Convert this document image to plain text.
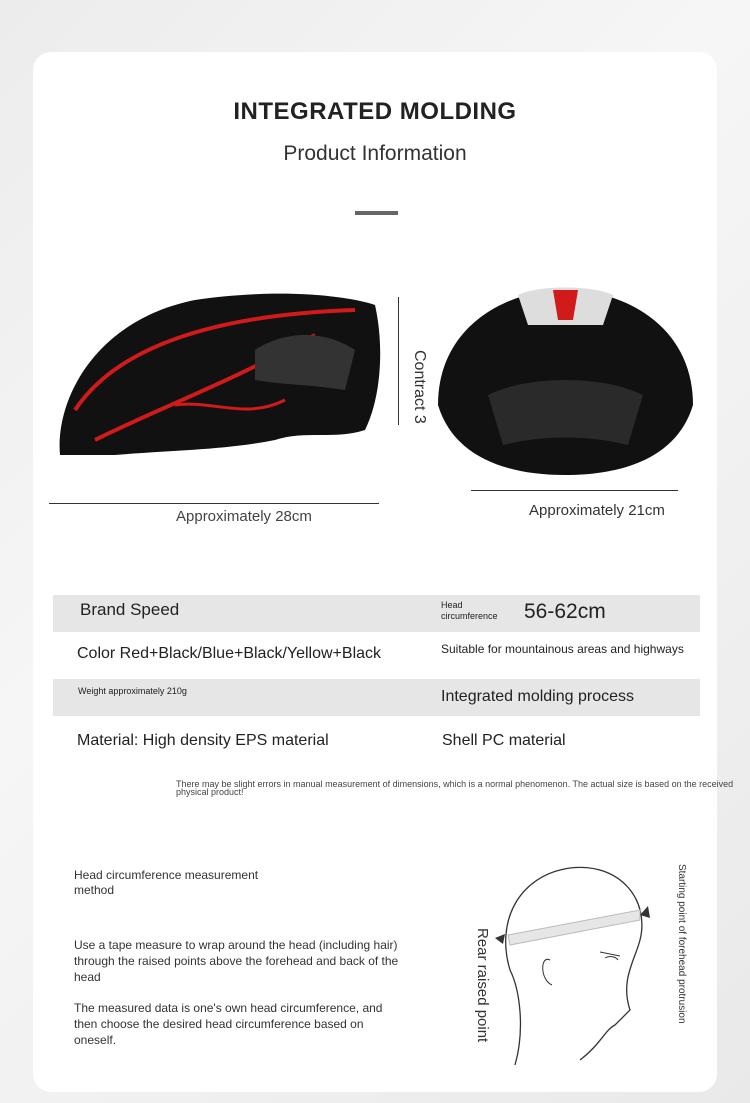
INTEGRATED MOLDING
Product Information
Approximately 28cm
Contract 3
Approximately 21cm
Brand Speed	Head circumference	56-62cm
Color Red+Black/Blue+Black/Yellow+Black	Suitable for mountainous areas and highways
Weight approximately 210g	Integrated molding process
Material: High density EPS material	Shell PC material
There may be slight errors in manual measurement of dimensions, which is a normal phenomenon. The actual size is based on the received physical product!
Head circumference measurement method
Use a tape measure to wrap around the head (including hair) through the raised points above the forehead and back of the head
The measured data is one's own head circumference, and then choose the desired head circumference based on oneself.	Rear raised point	Starting point of forehead protrusion
